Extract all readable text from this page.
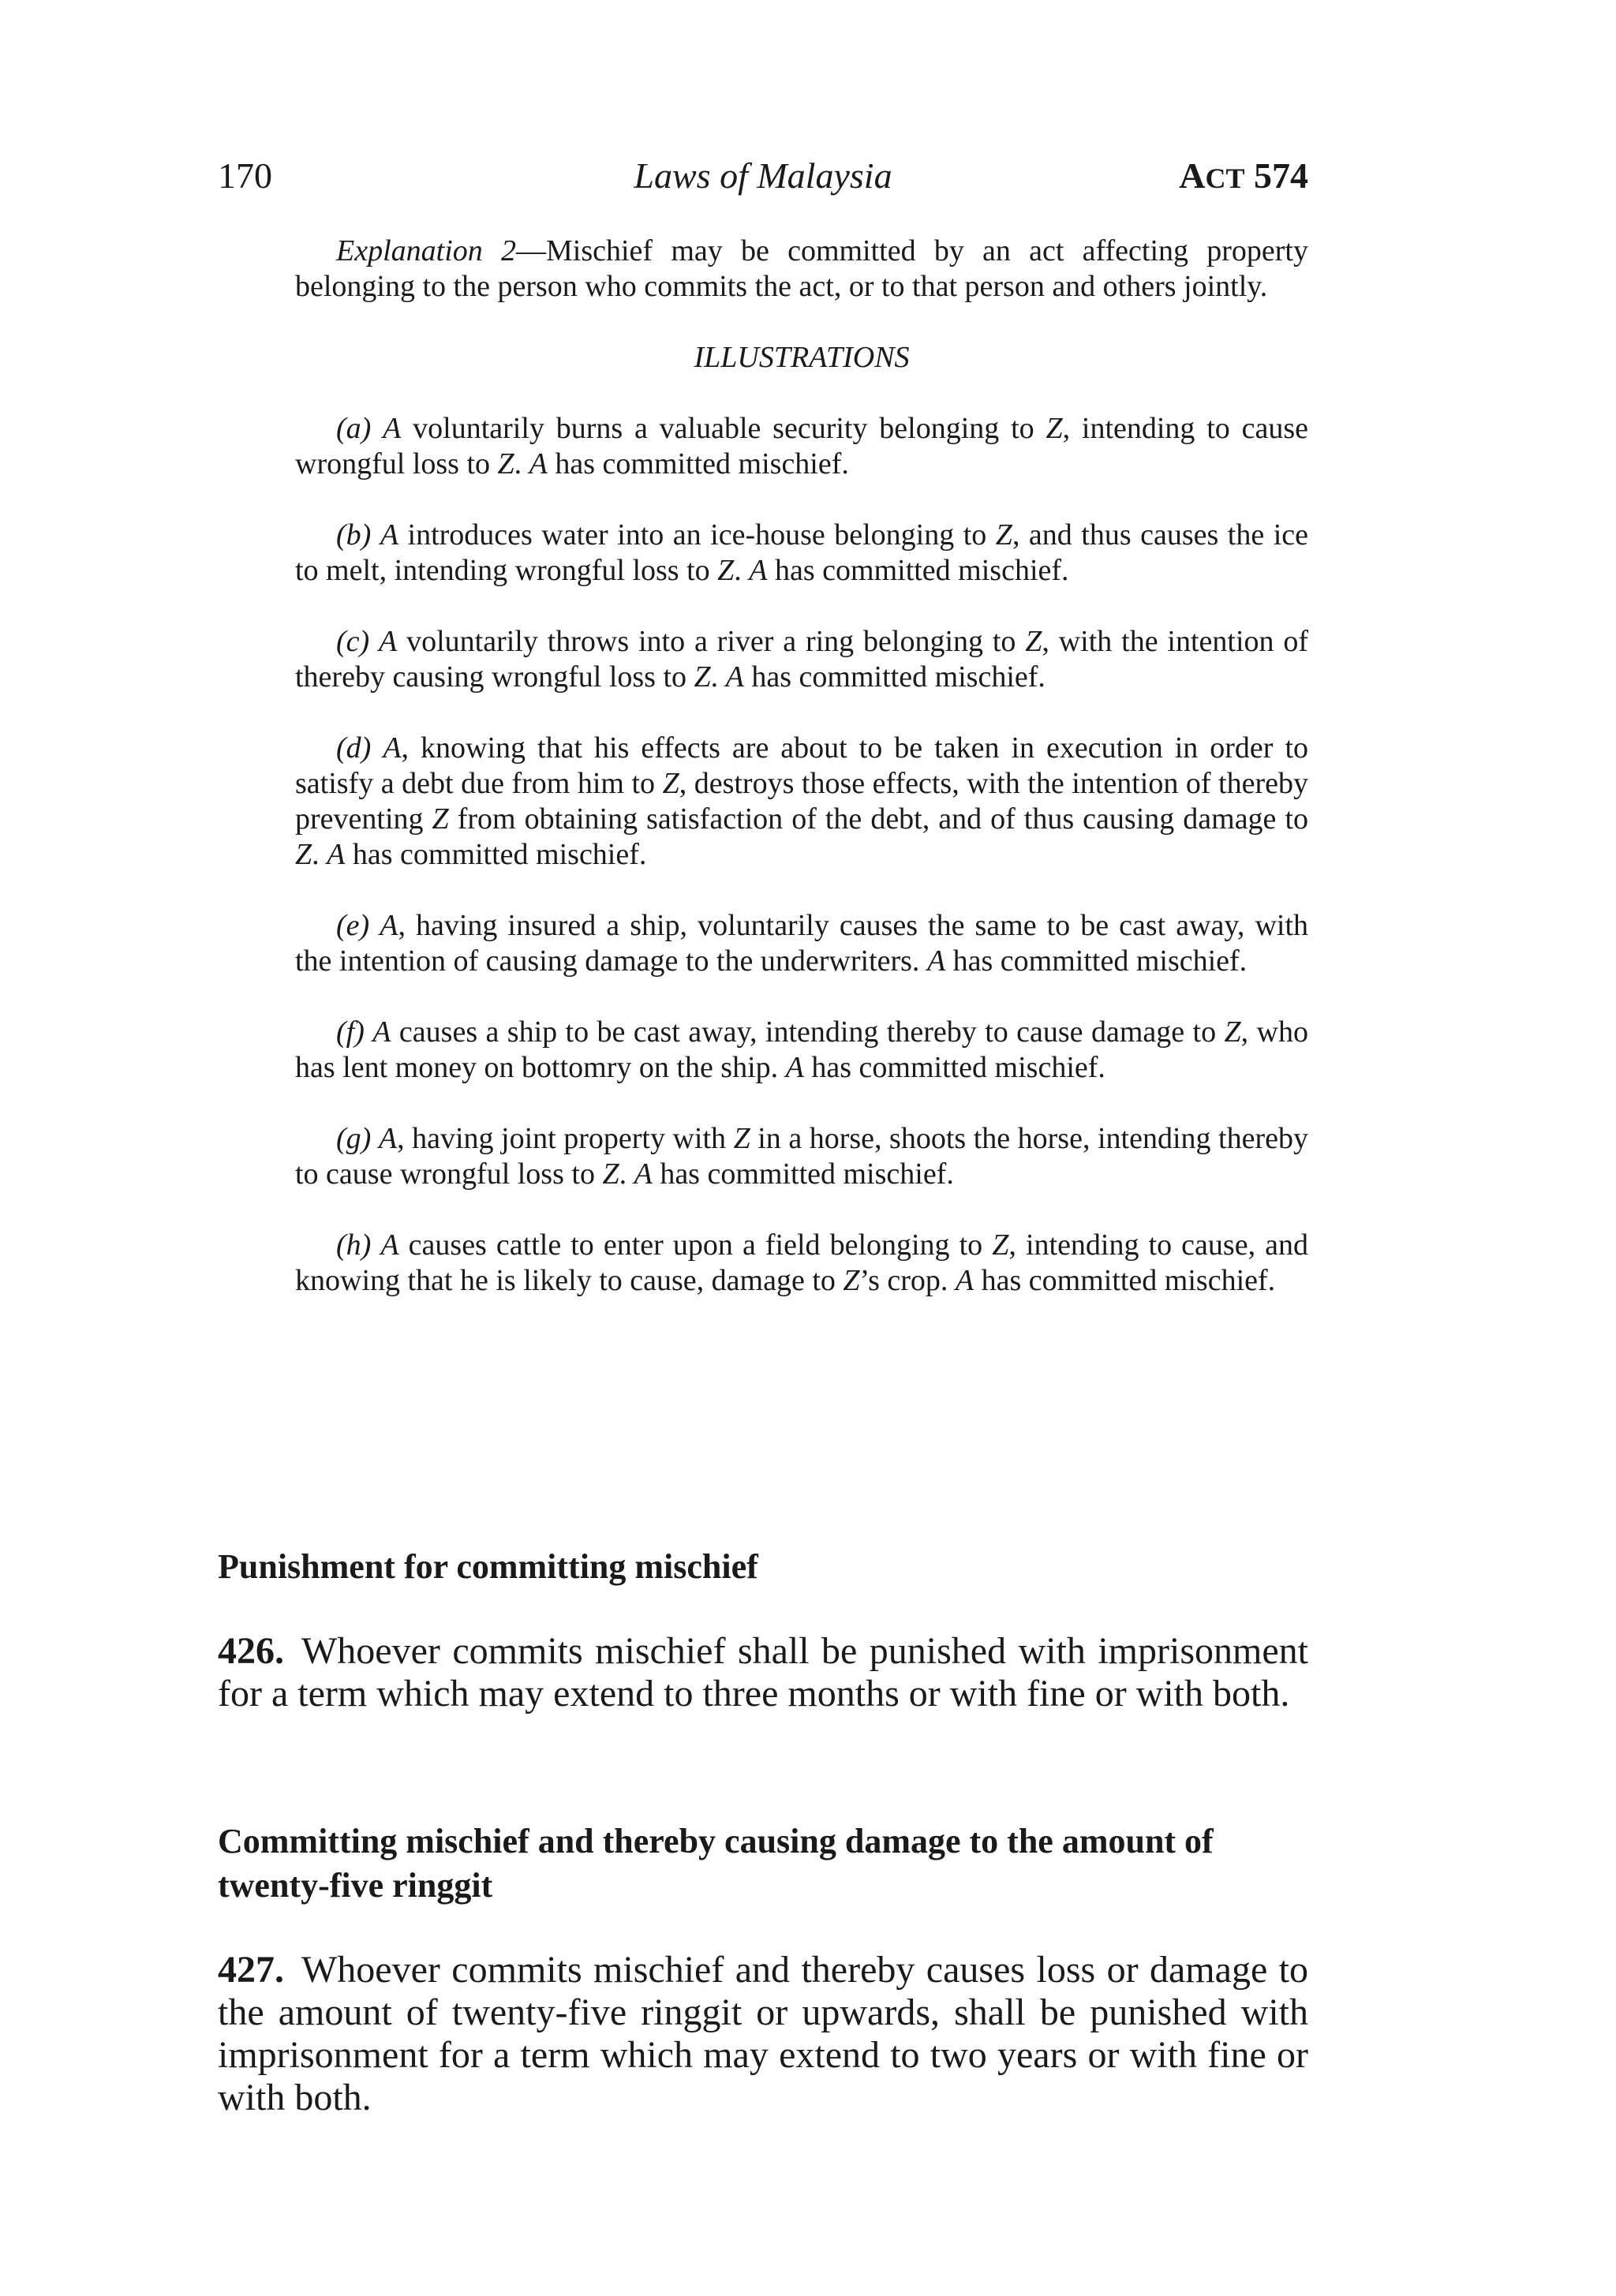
170	Laws of Malaysia	ACT 574

Explanation 2—Mischief may be committed by an act affecting property belonging to the person who commits the act, or to that person and others jointly.

ILLUSTRATIONS

(a) A voluntarily burns a valuable security belonging to Z, intending to cause wrongful loss to Z. A has committed mischief.

(b) A introduces water into an ice-house belonging to Z, and thus causes the ice to melt, intending wrongful loss to Z. A has committed mischief.

(c) A voluntarily throws into a river a ring belonging to Z, with the intention of thereby causing wrongful loss to Z. A has committed mischief.

(d) A, knowing that his effects are about to be taken in execution in order to satisfy a debt due from him to Z, destroys those effects, with the intention of thereby preventing Z from obtaining satisfaction of the debt, and of thus causing damage to Z. A has committed mischief.

(e) A, having insured a ship, voluntarily causes the same to be cast away, with the intention of causing damage to the underwriters. A has committed mischief.

(f) A causes a ship to be cast away, intending thereby to cause damage to Z, who has lent money on bottomry on the ship. A has committed mischief.

(g) A, having joint property with Z in a horse, shoots the horse, intending thereby to cause wrongful loss to Z. A has committed mischief.

(h) A causes cattle to enter upon a field belonging to Z, intending to cause, and knowing that he is likely to cause, damage to Z’s crop. A has committed mischief.

Punishment for committing mischief
426. Whoever commits mischief shall be punished with imprisonment for a term which may extend to three months or with fine or with both.
Committing mischief and thereby causing damage to the amount of twenty-five ringgit
427. Whoever commits mischief and thereby causes loss or damage to the amount of twenty-five ringgit or upwards, shall be punished with imprisonment for a term which may extend to two years or with fine or with both.
